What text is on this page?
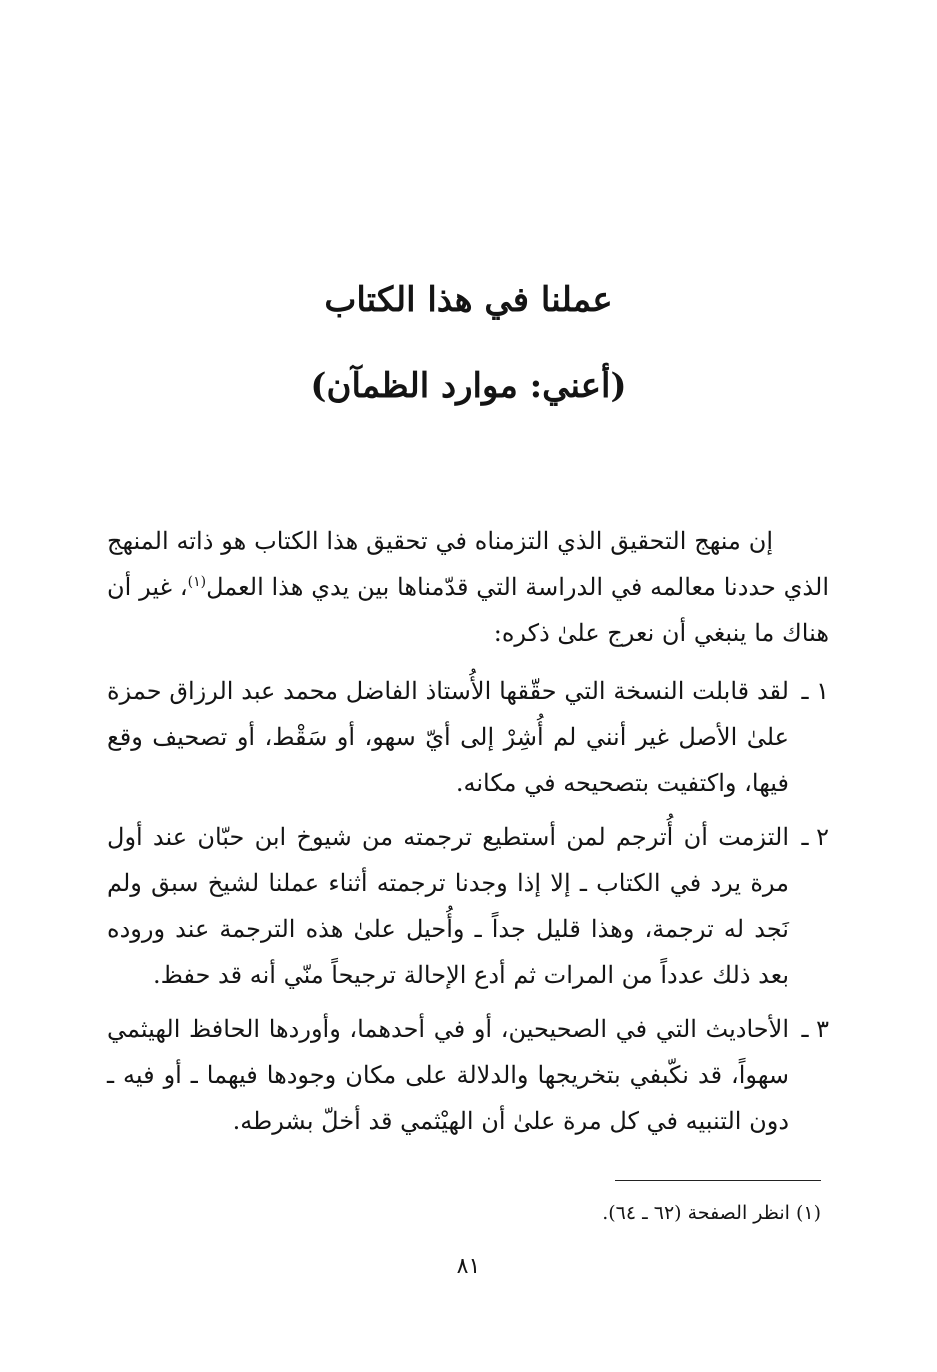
عملنا في هذا الكتاب
(أعني: موارد الظمآن)

إن منهج التحقيق الذي التزمناه في تحقيق هذا الكتاب هو ذاته المنهج الذي حددنا معالمه في الدراسة التي قدّمناها بين يدي هذا العمل$^{(١)}$، غير أن هناك ما ينبغي أن نعرج علىٰ ذكره:

١ ـ
لقد قابلت النسخة التي حقّقها الأُستاذ الفاضل محمد عبد الرزاق حمزة علىٰ الأصل غير أنني لم أُشِرْ إلى أيّ سهو، أو سَقْط، أو تصحيف وقع فيها، واكتفيت بتصحيحه في مكانه.
٢ ـ
التزمت أن أُترجم لمن أستطيع ترجمته من شيوخ ابن حبّان عند أول مرة يرد في الكتاب ـ إلا إذا وجدنا ترجمته أثناء عملنا لشيخ سبق ولم نَجد له ترجمة، وهذا قليل جداً ـ وأُحيل علىٰ هذه الترجمة عند وروده بعد ذلك عدداً من المرات ثم أدع الإحالة ترجيحاً منّي أنه قد حفظ.
٣ ـ
الأحاديث التي في الصحيحين، أو في أحدهما، وأوردها الحافظ الهيثمي سهواً، قد نكّبفي بتخريجها والدلالة على مكان وجودها فيهما ـ أو فيه ـ دون التنبيه في كل مرة علىٰ أن الهيْثمي قد أخلّ بشرطه.
(١) انظر الصفحة (٦٢ ـ ٦٤).
٨١
